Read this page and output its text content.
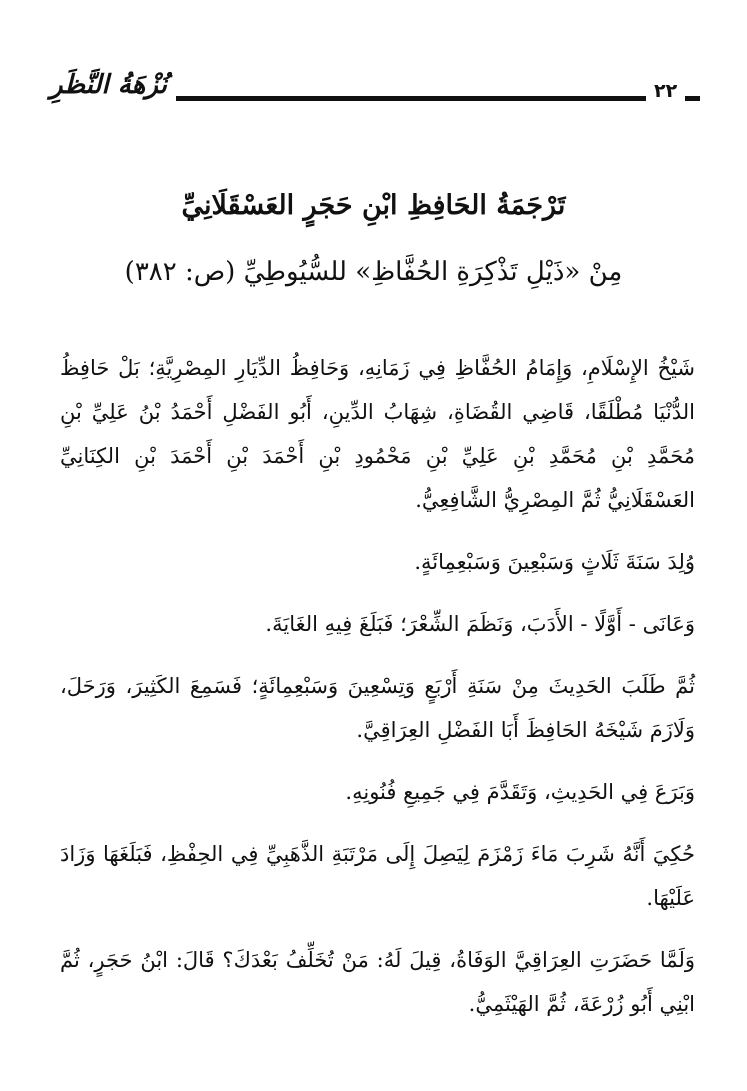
نُزْهَةُ النَّظَرِ	٢٢
تَرْجَمَةُ الحَافِظِ ابْنِ حَجَرٍ العَسْقَلَانِيِّ
مِنْ «ذَيْلِ تَذْكِرَةِ الحُفَّاظِ» للسُّيُوطِيِّ (ص: ٣٨٢)

شَيْخُ الإِسْلَامِ، وَإِمَامُ الحُفَّاظِ فِي زَمَانِهِ، وَحَافِظُ الدِّيَارِ المِصْرِيَّةِ؛ بَلْ حَافِظُ الدُّنْيَا مُطْلَقًا، قَاضِي القُضَاةِ، شِهَابُ الدِّينِ، أَبُو الفَضْلِ أَحْمَدُ بْنُ عَلِيِّ بْنِ مُحَمَّدِ بْنِ مُحَمَّدِ بْنِ عَلِيِّ بْنِ مَحْمُودِ بْنِ أَحْمَدَ بْنِ أَحْمَدَ بْنِ الكِنَانِيِّ العَسْقَلَانِيُّ ثُمَّ المِصْرِيُّ الشَّافِعِيُّ.

وُلِدَ سَنَةَ ثَلَاثٍ وَسَبْعِينَ وَسَبْعِمِائَةٍ.

وَعَانَى - أَوَّلًا - الأَدَبَ، وَنَظَمَ الشِّعْرَ؛ فَبَلَغَ فِيهِ الغَايَةَ.

ثُمَّ طَلَبَ الحَدِيثَ مِنْ سَنَةِ أَرْبَعٍ وَتِسْعِينَ وَسَبْعِمِائَةٍ؛ فَسَمِعَ الكَثِيرَ، وَرَحَلَ، وَلَازَمَ شَيْخَهُ الحَافِظَ أَبَا الفَضْلِ العِرَاقِيَّ.

وَبَرَعَ فِي الحَدِيثِ، وَتَقَدَّمَ فِي جَمِيعِ فُنُونِهِ.

حُكِيَ أَنَّهُ شَرِبَ مَاءَ زَمْزَمَ لِيَصِلَ إِلَى مَرْتَبَةِ الذَّهَبِيِّ فِي الحِفْظِ، فَبَلَغَهَا وَزَادَ عَلَيْهَا.

وَلَمَّا حَضَرَتِ العِرَاقِيَّ الوَفَاةُ، قِيلَ لَهُ: مَنْ تُخَلِّفُ بَعْدَكَ؟ قَالَ: ابْنُ حَجَرٍ، ثُمَّ ابْنِي أَبُو زُرْعَةَ، ثُمَّ الهَيْثَمِيُّ.
